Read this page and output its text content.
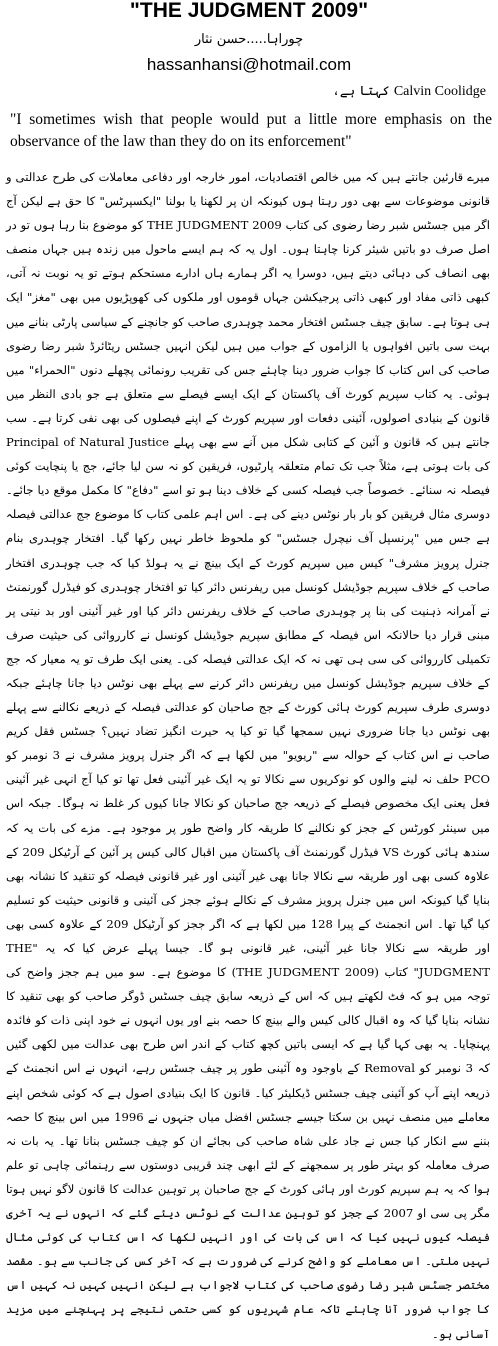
"THE JUDGMENT 2009"
چوراہا.....حسن نثار
hassanhansi@hotmail.com
Calvin Coolidge کہتا ہے،
"I sometimes wish that people would put a little more emphasis on the observance of the law than they do on its enforcement"
میرے قارئین جانتے ہیں کہ میں خالص اقتصادیات، امور خارجہ اور دفاعی معاملات کی طرح عدالتی و قانونی موضوعات سے بھی دور رہتا ہوں کیونکہ ان پر لکھنا یا بولنا "ایکسپرٹس" کا حق ہے لیکن آج اگر میں جسٹس شبر رضا رضوی کی کتاب THE JUDGMENT 2009 کو موضوع بنا رہا ہوں تو در اصل صرف دو باتیں شیئر کرنا چاہتا ہوں۔ اول یہ کہ ہم ایسے ماحول میں زندہ ہیں جہاں منصف بھی انصاف کی دہائی دیتے ہیں، دوسرا یہ اگر ہمارے ہاں ادارے مستحکم ہوتے تو یہ نوبت نہ آتی، کبھی ذاتی مفاد اور کبھی ذاتی پرجیکشن جہاں قوموں اور ملکوں کی کھوپڑیوں میں بھی "مغز" ایک ہی ہوتا ہے۔ سابق چیف جسٹس افتخار محمد چوہدری صاحب کو جانچنے کے سیاسی پارٹی بنانے میں بہت سی باتیں افواہوں یا الزاموں کے جواب میں ہیں لیکن انہیں جسٹس ریٹائرڈ شبر رضا رضوی صاحب کی اس کتاب کا جواب ضرور دینا چاہئے جس کی تقریب رونمائی پچھلے دنوں "الحمراء" میں ہوئی۔ یہ کتاب سپریم کورٹ آف پاکستان کے ایک ایسے فیصلے سے متعلق ہے جو بادی النظر میں قانون کے بنیادی اصولوں، آئینی دفعات اور سپریم کورٹ کے اپنے فیصلوں کی بھی نفی کرتا ہے۔ سب جانتے ہیں کہ قانون و آئین کے کتابی شکل میں آنے سے بھی پہلے Principal of Natural Justice کی بات ہوتی ہے، مثلاً جب تک تمام متعلقہ پارٹیوں، فریقین کو نہ سن لیا جائے، جج یا پنچایت کوئی فیصلہ نہ سنائے۔ خصوصاً جب فیصلہ کسی کے خلاف دینا ہو تو اسے "دفاع" کا مکمل موقع دیا جائے۔ دوسری مثال فریقین کو بار بار نوٹس دینے کی ہے۔ اس اہم علمی کتاب کا موضوع جج عدالتی فیصلہ ہے جس میں "پرنسپل آف نیچرل جسٹس" کو ملحوظ خاطر نہیں رکھا گیا۔ افتخار چوہدری بنام جنرل پرویز مشرف" کیس میں سپریم کورٹ کے ایک بینچ نے یہ ہولڈ کیا کہ جب چوہدری افتخار صاحب کے خلاف سپریم جوڈیشل کونسل میں ریفرنس دائر کیا تو افتخار چوہدری کو فیڈرل گورنمنٹ نے آمرانہ ذہنیت کی بنا پر چوہدری صاحب کے خلاف ریفرنس دائر کیا اور غیر آئینی اور بد نیتی پر مبنی قرار دیا حالانکہ اس فیصلہ کے مطابق سپریم جوڈیشل کونسل نے کارروائی کی حیثیت صرف تکمیلی کارروائی کی سی ہی تھی نہ کہ ایک عدالتی فیصلہ کی۔ یعنی ایک طرف تو یہ معیار کہ جج کے خلاف سپریم جوڈیشل کونسل میں ریفرنس دائر کرنے سے پہلے بھی نوٹس دیا جانا چاہئے جبکہ دوسری طرف سپریم کورٹ ہائی کورٹ کے جج صاحبان کو عدالتی فیصلہ کے ذریعے نکالنے سے پہلے بھی نوٹس دیا جانا ضروری نہیں سمجھا گیا تو کیا یہ حیرت انگیز تضاد نہیں؟ جسٹس فقل کریم صاحب نے اس کتاب کے حوالہ سے "ریویو" میں لکھا ہے کہ اگر جنرل پرویز مشرف نے 3 نومبر کو PCO حلف نہ لینے والوں کو نوکریوں سے نکالا تو یہ ایک غیر آئینی فعل تھا تو کیا آج انہی غیر آئینی فعل یعنی ایک مخصوص فیصلے کے ذریعہ جج صاحبان کو نکالا جانا کیوں کر غلط نہ ہوگا۔ جبکہ اس میں سینئر کورٹس کے ججز کو نکالنے کا طریقہ کار واضح طور پر موجود ہے۔ مزے کی بات یہ کہ سندھ ہائی کورٹ VS فیڈرل گورنمنٹ آف پاکستان میں اقبال کالی کیس پر آئین کے آرٹیکل 209 کے علاوہ کسی بھی اور طریقہ سے نکالا جانا بھی غیر آئینی اور غیر قانونی فیصلہ کو تنقید کا نشانہ بھی بنایا گیا کیونکہ اس میں جنرل پرویز مشرف کے نکالے ہوئے ججز کی آئینی و قانونی حیثیت کو تسلیم کیا گیا تھا۔ اس انجمنٹ کے پیرا 128 میں لکھا ہے کہ اگر ججز کو آرٹیکل 209 کے علاوہ کسی بھی اور طریقہ سے نکالا جانا غیر آئینی، غیر قانونی ہو گا۔ جیسا پہلے عرض کیا کہ یہ "THE JUDGMENT" کتاب (THE JUDGMENT 2009) کا موضوع ہے۔ سو میں ہم ججز واضح کی توجہ میں ہو کہ فٹ لکھتے ہیں کہ اس کے ذریعہ سابق چیف جسٹس ڈوگر صاحب کو بھی تنقید کا نشانہ بنایا گیا کہ وہ اقبال کالی کیس والے بینچ کا حصہ بنے اور یوں انہوں نے خود اپنی ذات کو فائدہ پہنچایا۔ یہ بھی کہا گیا ہے کہ ایسی باتیں کچھ کتاب کے اندر اس طرح بھی عدالت میں لکھی گئیں کہ 3 نومبر کو Removal کے باوجود وہ آئینی طور پر چیف جسٹس رہے، انہوں نے اس انجمنٹ کے ذریعہ اپنے آپ کو آئینی چیف جسٹس ڈیکلیئر کیا۔ قانون کا ایک بنیادی اصول ہے کہ کوئی شخص اپنے معاملے میں منصف نہیں بن سکتا جیسے جسٹس افضل میاں جنہوں نے 1996 میں اس بینچ کا حصہ بننے سے انکار کیا جس نے جاد علی شاہ صاحب کی بجائے ان کو چیف جسٹس بنانا تھا۔ یہ بات نہ صرف معاملہ کو بہتر طور پر سمجھنے کے لئے ابھی چند قریبی دوستوں سے رہنمائی چاہی تو علم ہوا کہ یہ ہم سپریم کورٹ اور ہائی کورٹ کے جج صاحبان پر توہین عدالت کا قانون لاگو نہیں ہوتا مگر پی سی او 2007 کے ججز کو توہین عدالت کے نوٹس دیئے گئے کہ انہوں نے یہ آخری فیصلہ کیوں نہیں کیا کہ اس کی بات کی اور انہیں لکھا کہ اس کتاب کی کوئی مثال نہیں ملتی۔ اس معاملے کو واضح کرنے کی ضرورت ہے کہ آخر کس کی جانب سے ہو۔ مقصد مختصر جسٹس شبر رضا رضوی صاحب کی کتاب لاجواب ہے لیکن انہیں کہیں نہ کہیں اس کا جواب ضرور آنا چاہئے تاکہ عام شہریوں کو کسی حتمی نتیجے پر پہنچنے میں مزید آسانی ہو۔
